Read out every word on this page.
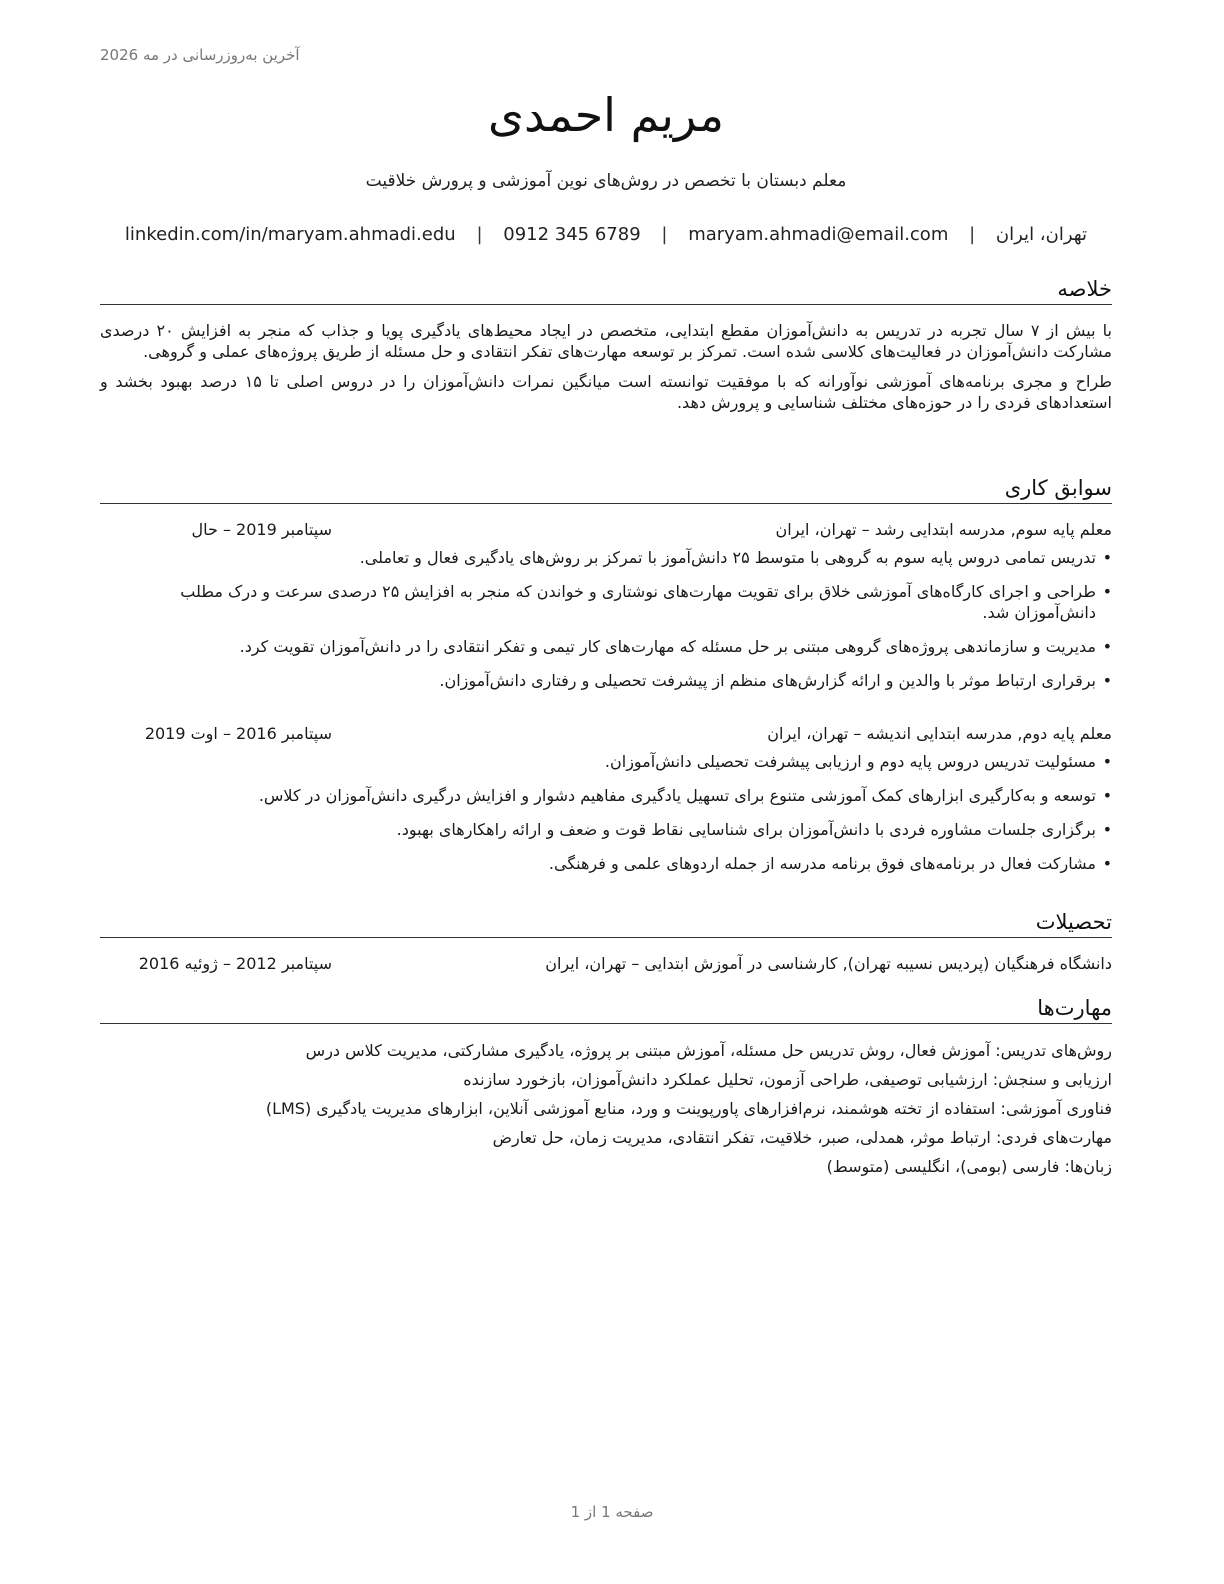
آخرین به‌روزرسانی در مه 2026
مریم احمدی
معلم دبستان با تخصص در روش‌های نوین آموزشی و پرورش خلاقیت
تهران، ایران | maryam.ahmadi@email.com | 0912 345 6789 | linkedin.com/in/maryam.ahmadi.edu
خلاصه

با بیش از ۷ سال تجربه در تدریس به دانش‌آموزان مقطع ابتدایی، متخصص در ایجاد محیط‌های یادگیری پویا و جذاب که منجر به افزایش ۲۰ درصدی مشارکت دانش‌آموزان در فعالیت‌های کلاسی شده است. تمرکز بر توسعه مهارت‌های تفکر انتقادی و حل مسئله از طریق پروژه‌های عملی و گروهی.

طراح و مجری برنامه‌های آموزشی نوآورانه که با موفقیت توانسته است میانگین نمرات دانش‌آموزان را در دروس اصلی تا ۱۵ درصد بهبود بخشد و استعدادهای فردی را در حوزه‌های مختلف شناسایی و پرورش دهد.

سوابق کاری
معلم پایه سوم, مدرسه ابتدایی رشد – تهران، ایران
سپتامبر 2019 – حال
• تدریس تمامی دروس پایه سوم به گروهی با متوسط ۲۵ دانش‌آموز با تمرکز بر روش‌های یادگیری فعال و تعاملی.
• طراحی و اجرای کارگاه‌های آموزشی خلاق برای تقویت مهارت‌های نوشتاری و خواندن که منجر به افزایش ۲۵ درصدی سرعت و درک مطلب دانش‌آموزان شد.
• مدیریت و سازماندهی پروژه‌های گروهی مبتنی بر حل مسئله که مهارت‌های کار تیمی و تفکر انتقادی را در دانش‌آموزان تقویت کرد.
• برقراری ارتباط موثر با والدین و ارائه گزارش‌های منظم از پیشرفت تحصیلی و رفتاری دانش‌آموزان.
معلم پایه دوم, مدرسه ابتدایی اندیشه – تهران، ایران
سپتامبر 2016 – اوت 2019
• مسئولیت تدریس دروس پایه دوم و ارزیابی پیشرفت تحصیلی دانش‌آموزان.
• توسعه و به‌کارگیری ابزارهای کمک آموزشی متنوع برای تسهیل یادگیری مفاهیم دشوار و افزایش درگیری دانش‌آموزان در کلاس.
• برگزاری جلسات مشاوره فردی با دانش‌آموزان برای شناسایی نقاط قوت و ضعف و ارائه راهکارهای بهبود.
• مشارکت فعال در برنامه‌های فوق برنامه مدرسه از جمله اردوهای علمی و فرهنگی.
تحصیلات
دانشگاه فرهنگیان (پردیس نسیبه تهران), کارشناسی در آموزش ابتدایی – تهران، ایران
سپتامبر 2012 – ژوئیه 2016
مهارت‌ها

روش‌های تدریس: آموزش فعال، روش تدریس حل مسئله، آموزش مبتنی بر پروژه، یادگیری مشارکتی، مدیریت کلاس درس

ارزیابی و سنجش: ارزشیابی توصیفی، طراحی آزمون، تحلیل عملکرد دانش‌آموزان، بازخورد سازنده

فناوری آموزشی: استفاده از تخته هوشمند، نرم‌افزارهای پاورپوینت و ورد، منابع آموزشی آنلاین، ابزارهای مدیریت یادگیری (LMS)

مهارت‌های فردی: ارتباط موثر، همدلی، صبر، خلاقیت، تفکر انتقادی، مدیریت زمان، حل تعارض

زبان‌ها: فارسی (بومی)، انگلیسی (متوسط)

صفحه 1 از 1
